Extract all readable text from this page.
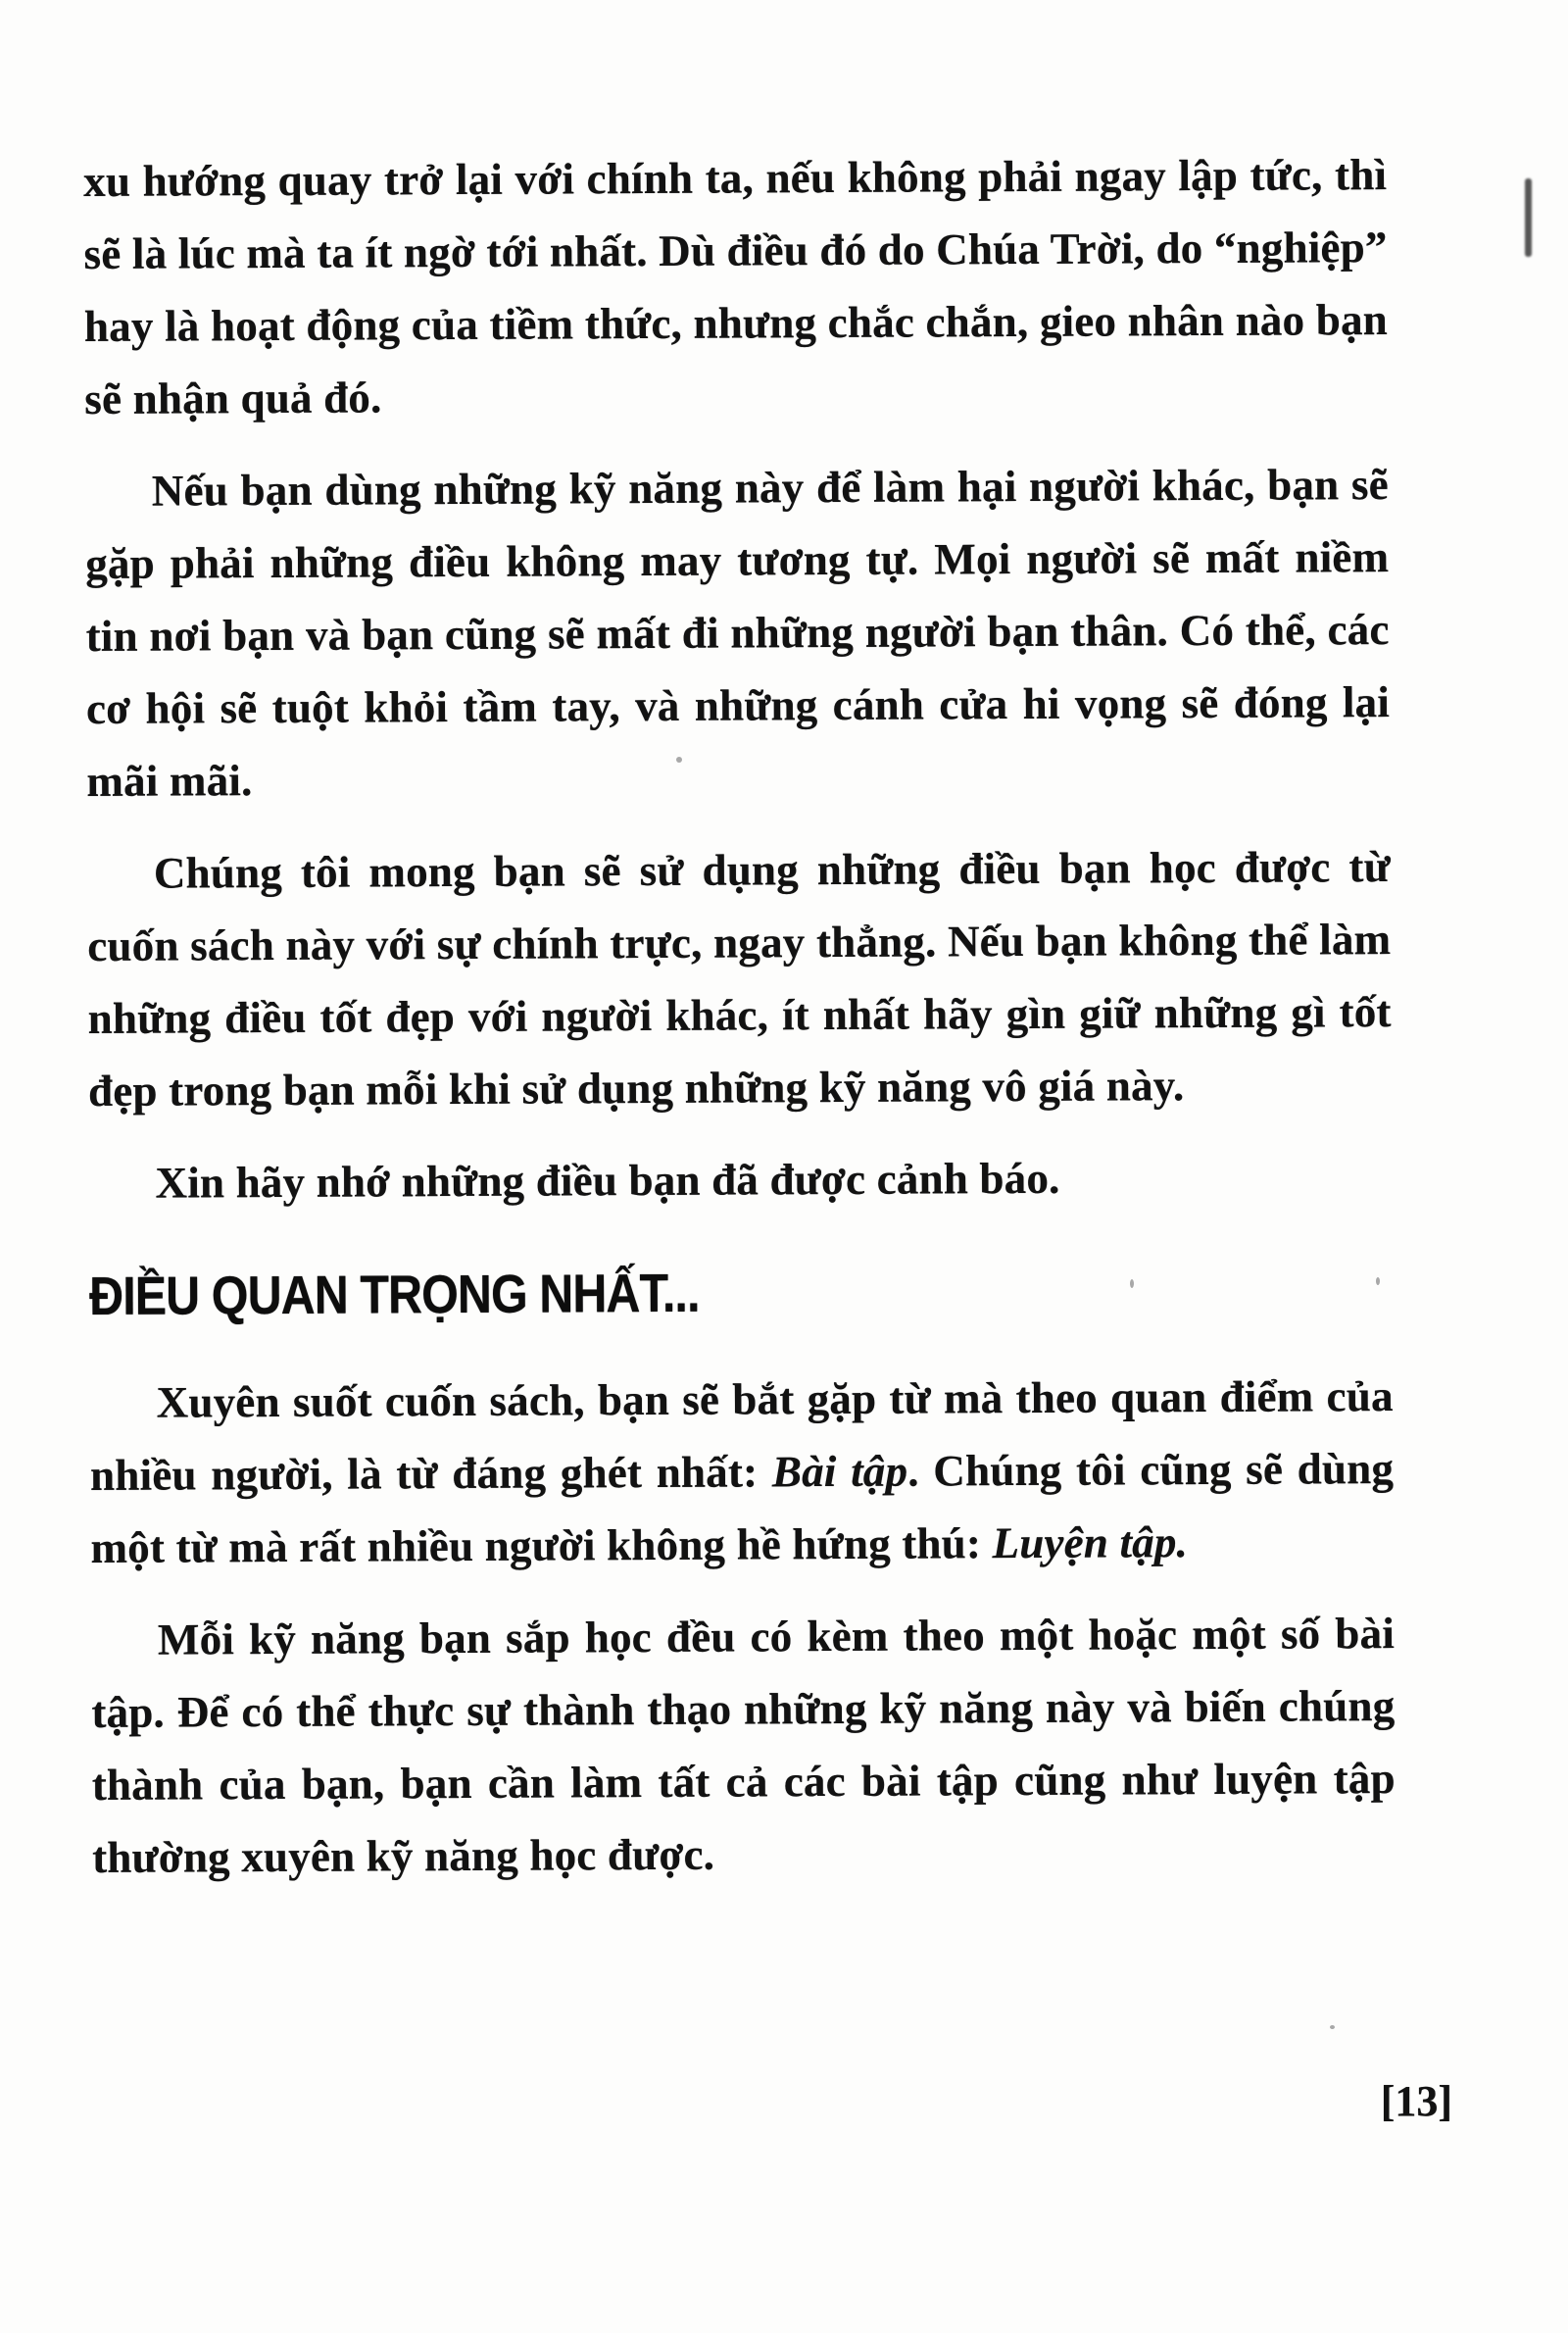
xu hướng quay trở lại với chính ta, nếu không phải ngay lập tức, thì sẽ là lúc mà ta ít ngờ tới nhất. Dù điều đó do Chúa Trời, do “nghiệp” hay là hoạt động của tiềm thức, nhưng chắc chắn, gieo nhân nào bạn sẽ nhận quả đó.

Nếu bạn dùng những kỹ năng này để làm hại người khác, bạn sẽ gặp phải những điều không may tương tự. Mọi người sẽ mất niềm tin nơi bạn và bạn cũng sẽ mất đi những người bạn thân. Có thể, các cơ hội sẽ tuột khỏi tầm tay, và những cánh cửa hi vọng sẽ đóng lại mãi mãi.

Chúng tôi mong bạn sẽ sử dụng những điều bạn học được từ cuốn sách này với sự chính trực, ngay thẳng. Nếu bạn không thể làm những điều tốt đẹp với người khác, ít nhất hãy gìn giữ những gì tốt đẹp trong bạn mỗi khi sử dụng những kỹ năng vô giá này.

Xin hãy nhớ những điều bạn đã được cảnh báo.

ĐIỀU QUAN TRỌNG NHẤT...

Xuyên suốt cuốn sách, bạn sẽ bắt gặp từ mà theo quan điểm của nhiều người, là từ đáng ghét nhất: Bài tập. Chúng tôi cũng sẽ dùng một từ mà rất nhiều người không hề hứng thú: Luyện tập.

Mỗi kỹ năng bạn sắp học đều có kèm theo một hoặc một số bài tập. Để có thể thực sự thành thạo những kỹ năng này và biến chúng thành của bạn, bạn cần làm tất cả các bài tập cũng như luyện tập thường xuyên kỹ năng học được.

[13]
